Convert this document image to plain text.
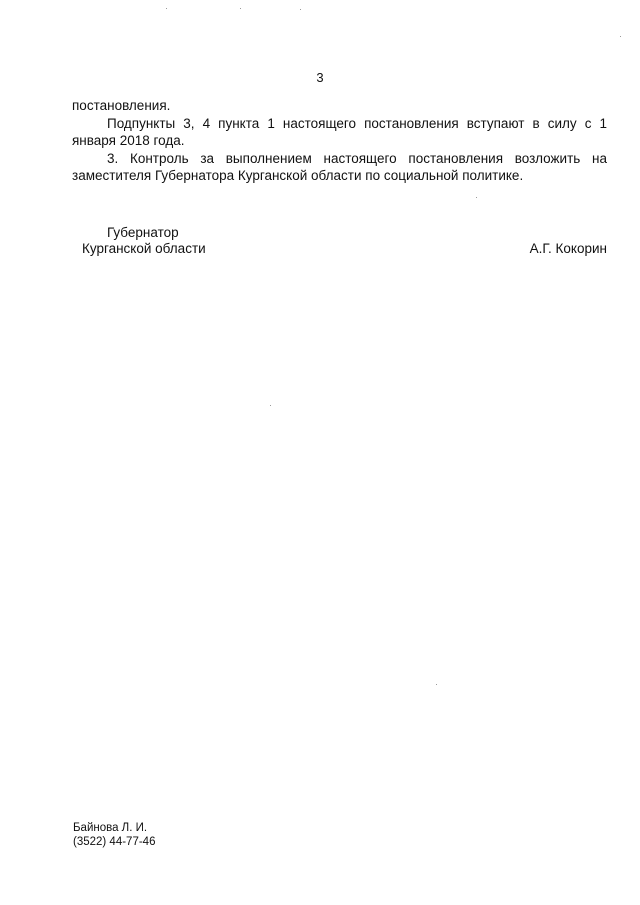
3

постановления.

Подпункты 3, 4 пункта 1 настоящего постановления вступают в силу с 1 января 2018 года.

3. Контроль за выполнением настоящего постановления возложить на заместителя Губернатора Курганской области по социальной политике.

Губернатор
Курганской области	А.Г. Кокорин
Байнова Л. И.
(3522) 44-77-46
